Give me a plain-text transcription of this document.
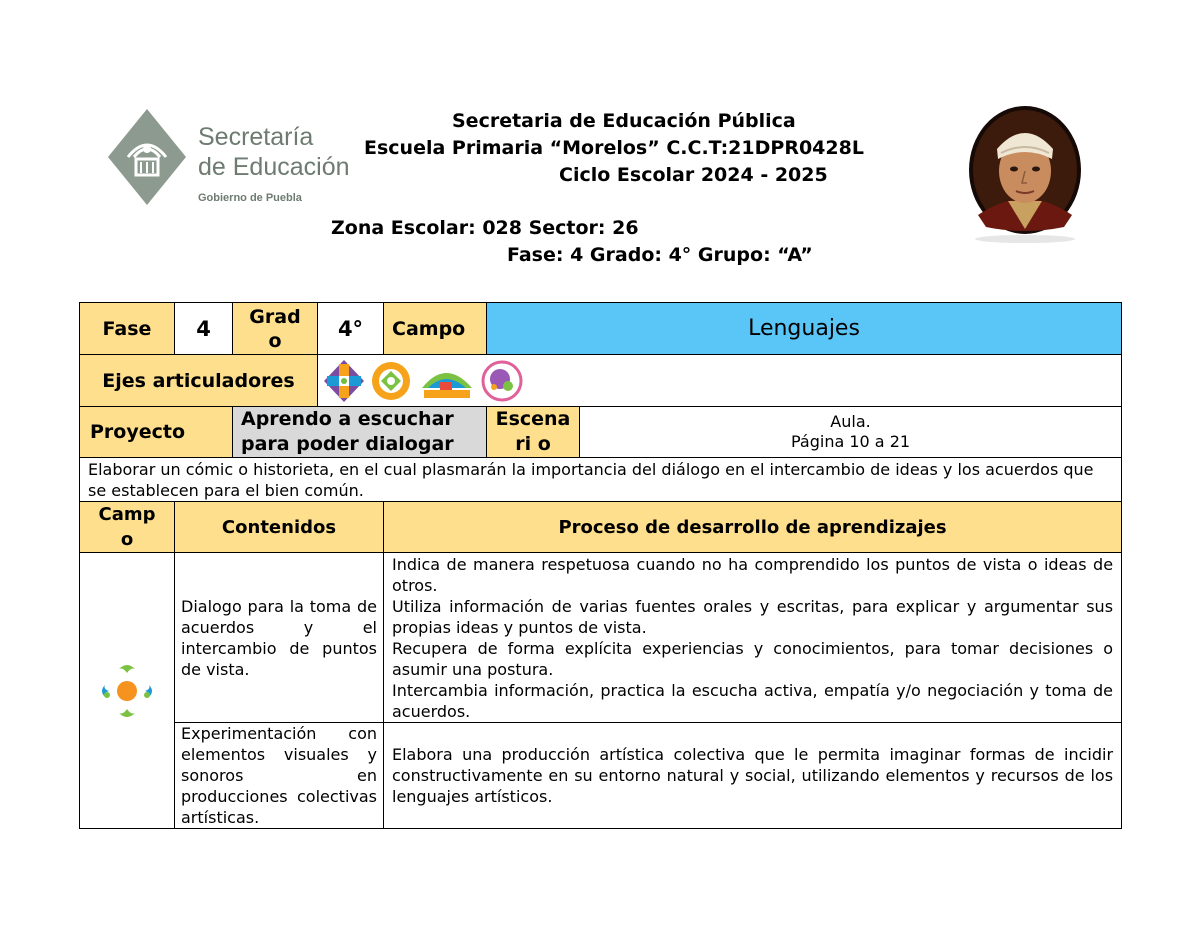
Secretaría
de Educación
Gobierno de Puebla
Secretaria de Educación Pública
Escuela Primaria “Morelos” C.C.T:21DPR0428L
Ciclo Escolar 2024 - 2025
Zona Escolar: 028 Sector: 26
Fase: 4 Grado: 4° Grupo: “A”
Fase	4	Grad o	4°	Campo	Lenguajes	
Ejes articuladores	

Proyecto		Aprendo a escuchar para poder dialogar			Escenari o	Aula.
Página 10 a 21

Elaborar un cómic o historieta, en el cual plasmarán la importancia del diálogo en el intercambio de ideas y los acuerdos que se establecen para el bien común.						
Camp o	Contenidos			Proceso de desarrollo de aprendizajes		
	Dialogo para la toma de acuerdos y el intercambio de puntos de vista.			Indica de manera respetuosa cuando no ha comprendido los puntos de vista o ideas de otros.
Utiliza información de varias fuentes orales y escritas, para explicar y argumentar sus propias ideas y puntos de vista.
Recupera de forma explícita experiencias y conocimientos, para tomar decisiones o asumir una postura.
Intercambia información, practica la escucha activa, empatía y/o negociación y toma de acuerdos.		

	Experimentación con elementos visuales y sonoros en producciones colectivas artísticas.			Elabora una producción artística colectiva que le permita imaginar formas de incidir constructivamente en su entorno natural y social, utilizando elementos y recursos de los lenguajes artísticos.		
